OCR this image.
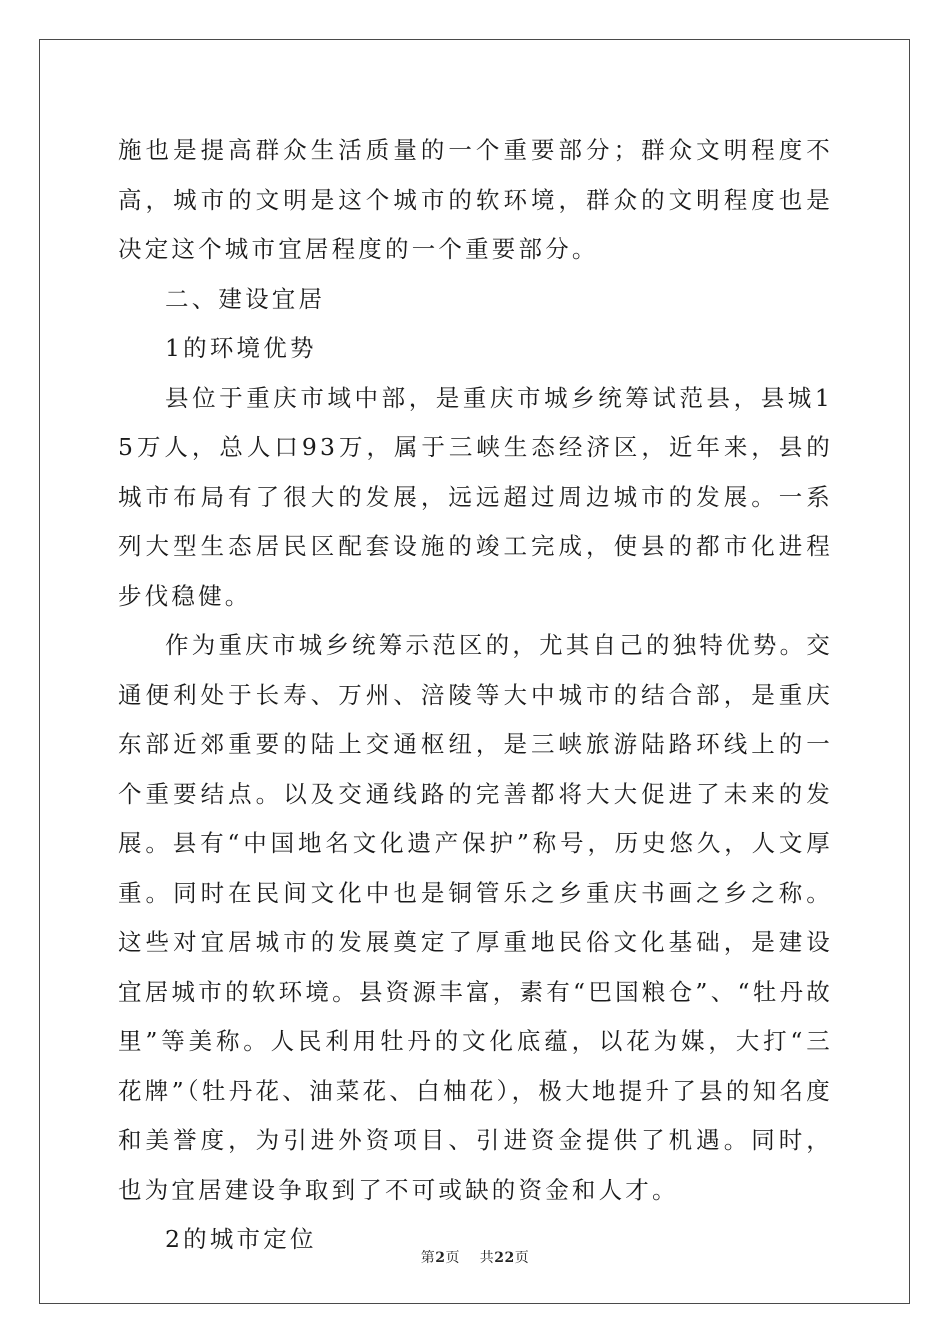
施也是提高群众生活质量的一个重要部分；群众文明程度不高，城市的文明是这个城市的软环境，群众的文明程度也是决定这个城市宜居程度的一个重要部分。

二、建设宜居

1的环境优势

县位于重庆市域中部，是重庆市城乡统筹试范县，县城15万人，总人口93万，属于三峡生态经济区，近年来，县的城市布局有了很大的发展，远远超过周边城市的发展。一系列大型生态居民区配套设施的竣工完成，使县的都市化进程步伐稳健。

作为重庆市城乡统筹示范区的，尤其自己的独特优势。交通便利处于长寿、万州、涪陵等大中城市的结合部，是重庆东部近郊重要的陆上交通枢纽，是三峡旅游陆路环线上的一个重要结点。以及交通线路的完善都将大大促进了未来的发展。县有“中国地名文化遗产保护”称号，历史悠久，人文厚重。同时在民间文化中也是铜管乐之乡重庆书画之乡之称。这些对宜居城市的发展奠定了厚重地民俗文化基础，是建设宜居城市的软环境。县资源丰富，素有“巴国粮仓”、“牡丹故里”等美称。人民利用牡丹的文化底蕴，以花为媒，大打“三花牌”（牡丹花、油菜花、白柚花），极大地提升了县的知名度和美誉度，为引进外资项目、引进资金提供了机遇。同时，也为宜居建设争取到了不可或缺的资金和人才。

2的城市定位

第2页 共22页
